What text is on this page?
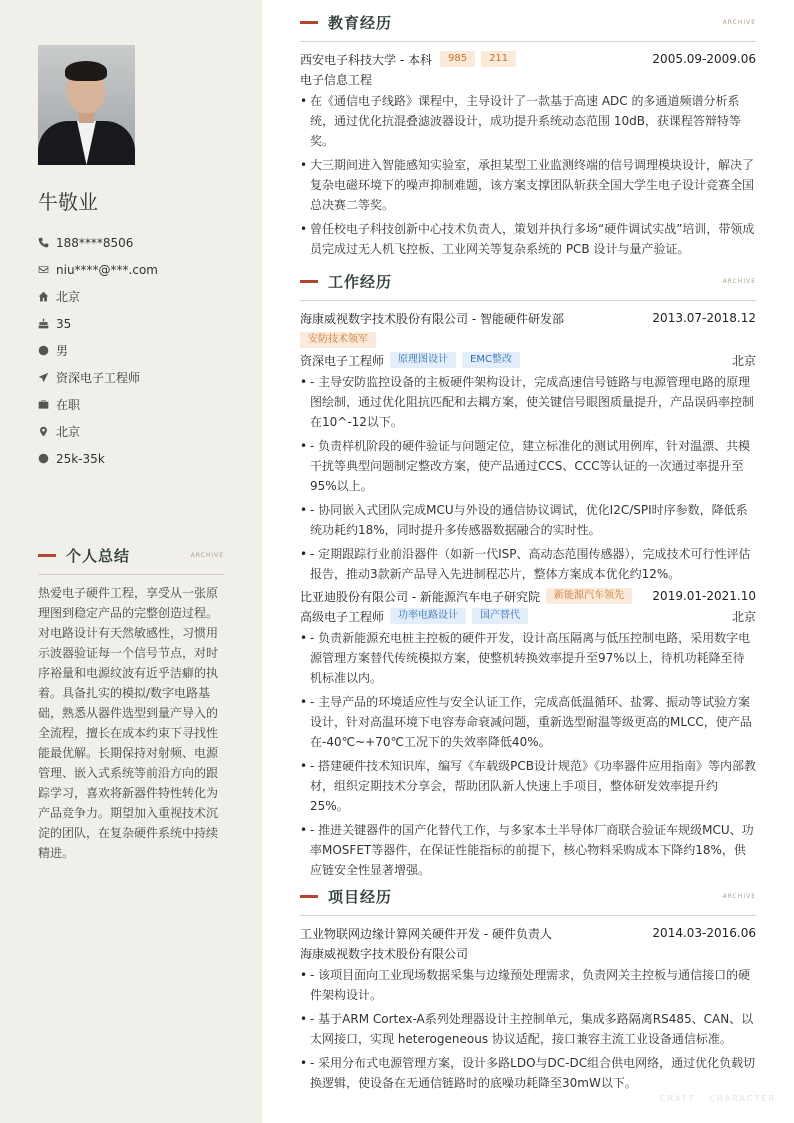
牛敬业
188****8506
niu****@***.com
北京
35
男
资深电子工程师
在职
北京
25k-35k
个人总结	ARCHIVE
热爱电子硬件工程，享受从一张原理图到稳定产品的完整创造过程。对电路设计有天然敏感性，习惯用示波器验证每一个信号节点，对时序裕量和电源纹波有近乎洁癖的执着。具备扎实的模拟/数字电路基础，熟悉从器件选型到量产导入的全流程，擅长在成本约束下寻找性能最优解。长期保持对射频、电源管理、嵌入式系统等前沿方向的跟踪学习，喜欢将新器件特性转化为产品竞争力。期望加入重视技术沉淀的团队，在复杂硬件系统中持续精进。
教育经历	ARCHIVE
西安电子科技大学 - 本科	985	211	2005.09-2009.06
电子信息工程
• 在《通信电子线路》课程中，主导设计了一款基于高速 ADC 的多通道频谱分析系统，通过优化抗混叠滤波器设计，成功提升系统动态范围 10dB，获课程答辩特等奖。
• 大三期间进入智能感知实验室，承担某型工业监测终端的信号调理模块设计，解决了复杂电磁环境下的噪声抑制难题，该方案支撑团队斩获全国大学生电子设计竞赛全国总决赛二等奖。
• 曾任校电子科技创新中心技术负责人，策划并执行多场“硬件调试实战”培训，带领成员完成过无人机飞控板、工业网关等复杂系统的 PCB 设计与量产验证。
工作经历	ARCHIVE
海康威视数字技术股份有限公司 - 智能硬件研发部	2013.07-2018.12
安防技术领军
资深电子工程师	原理图设计	EMC整改	北京
• - 主导安防监控设备的主板硬件架构设计，完成高速信号链路与电源管理电路的原理图绘制，通过优化阻抗匹配和去耦方案，使关键信号眼图质量提升，产品误码率控制在10^-12以下。
• - 负责样机阶段的硬件验证与问题定位，建立标准化的测试用例库，针对温漂、共模干扰等典型问题制定整改方案，使产品通过CCS、CCC等认证的一次通过率提升至95%以上。
• - 协同嵌入式团队完成MCU与外设的通信协议调试，优化I2C/SPI时序参数，降低系统功耗约18%，同时提升多传感器数据融合的实时性。
• - 定期跟踪行业前沿器件（如新一代ISP、高动态范围传感器），完成技术可行性评估报告，推动3款新产品导入先进制程芯片，整体方案成本优化约12%。
比亚迪股份有限公司 - 新能源汽车电子研究院	新能源汽车领先	2019.01-2021.10
高级电子工程师	功率电路设计	国产替代	北京
• - 负责新能源充电桩主控板的硬件开发，设计高压隔离与低压控制电路，采用数字电源管理方案替代传统模拟方案，使整机转换效率提升至97%以上，待机功耗降至待机标准以内。
• - 主导产品的环境适应性与安全认证工作，完成高低温循环、盐雾、振动等试验方案设计，针对高温环境下电容寿命衰减问题，重新选型耐温等级更高的MLCC，使产品在-40℃~+70℃工况下的失效率降低40%。
• - 搭建硬件技术知识库，编写《车载级PCB设计规范》《功率器件应用指南》等内部教材，组织定期技术分享会，帮助团队新人快速上手项目，整体研发效率提升约25%。
• - 推进关键器件的国产化替代工作，与多家本土半导体厂商联合验证车规级MCU、功率MOSFET等器件，在保证性能指标的前提下，核心物料采购成本下降约18%，供应链安全性显著增强。
项目经历	ARCHIVE
工业物联网边缘计算网关硬件开发 - 硬件负责人	2014.03-2016.06
海康威视数字技术股份有限公司
• - 该项目面向工业现场数据采集与边缘预处理需求，负责网关主控板与通信接口的硬件架构设计。
• - 基于ARM Cortex-A系列处理器设计主控制单元，集成多路隔离RS485、CAN、以太网接口，实现 heterogeneous 协议适配，接口兼容主流工业设备通信标准。
• - 采用分布式电源管理方案，设计多路LDO与DC-DC组合供电网络，通过优化负载切换逻辑，使设备在无通信链路时的底噪功耗降至30mW以下。
CRAFT · CHARACTER
